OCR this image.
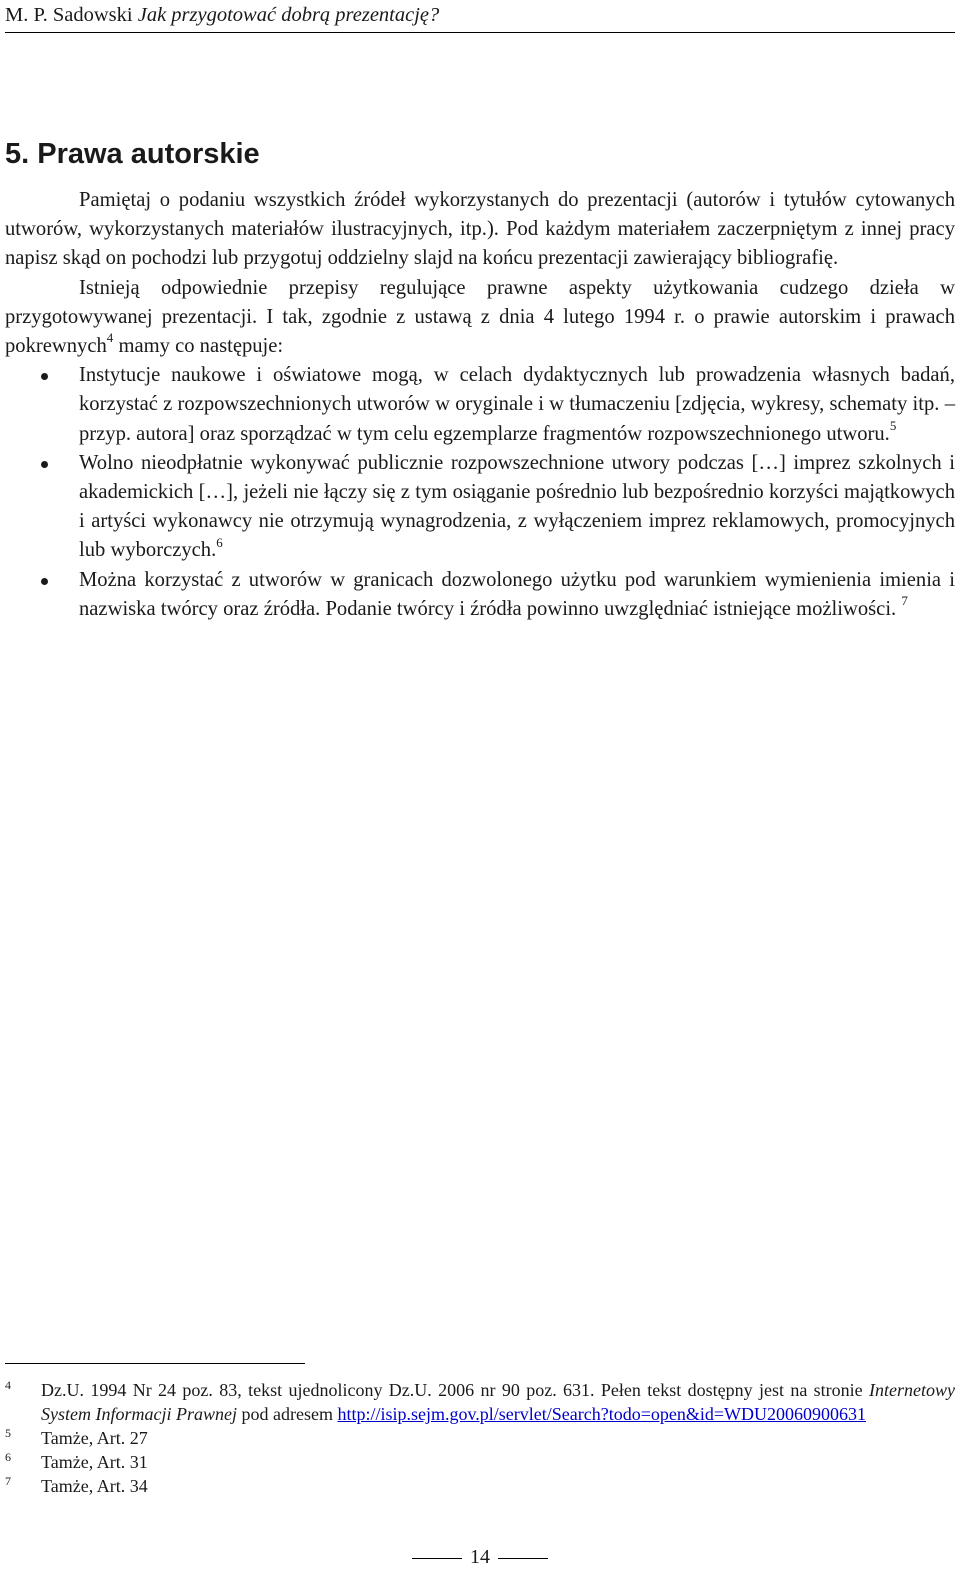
M. P. Sadowski Jak przygotować dobrą prezentację?
5. Prawa autorskie

Pamiętaj o podaniu wszystkich źródeł wykorzystanych do prezentacji (autorów i tytułów cytowanych utworów, wykorzystanych materiałów ilustracyjnych, itp.). Pod każdym materiałem zaczerpniętym z innej pracy napisz skąd on pochodzi lub przygotuj oddzielny slajd na końcu prezentacji zawierający bibliografię.

Istnieją odpowiednie przepisy regulujące prawne aspekty użytkowania cudzego dzieła w przygotowywanej prezentacji. I tak, zgodnie z ustawą z dnia 4 lutego 1994 r. o prawie autorskim i prawach pokrewnych$^4$ mamy co następuje:

Instytucje naukowe i oświatowe mogą, w celach dydaktycznych lub prowadzenia własnych badań, korzystać z rozpowszechnionych utworów w oryginale i w tłumaczeniu [zdjęcia, wykresy, schematy itp. – przyp. autora] oraz sporządzać w tym celu egzemplarze fragmentów rozpowszechnionego utworu.$^5$
Wolno nieodpłatnie wykonywać publicznie rozpowszechnione utwory podczas […] imprez szkolnych i akademickich […], jeżeli nie łączy się z tym osiąganie pośrednio lub bezpośrednio korzyści majątkowych i artyści wykonawcy nie otrzymują wynagrodzenia, z wyłączeniem imprez reklamowych, promocyjnych lub wyborczych.$^6$
Można korzystać z utworów w granicach dozwolonego użytku pod warunkiem wymienienia imienia i nazwiska twórcy oraz źródła. Podanie twórcy i źródła powinno uwzględniać istniejące możliwości. $^7$
4 Dz.U. 1994 Nr 24 poz. 83, tekst ujednolicony Dz.U. 2006 nr 90 poz. 631. Pełen tekst dostępny jest na stronie Internetowy System Informacji Prawnej pod adresem http://isip.sejm.gov.pl/servlet/Search?todo=open&id=WDU20060900631
5 Tamże, Art. 27
6 Tamże, Art. 31
7 Tamże, Art. 34
14
